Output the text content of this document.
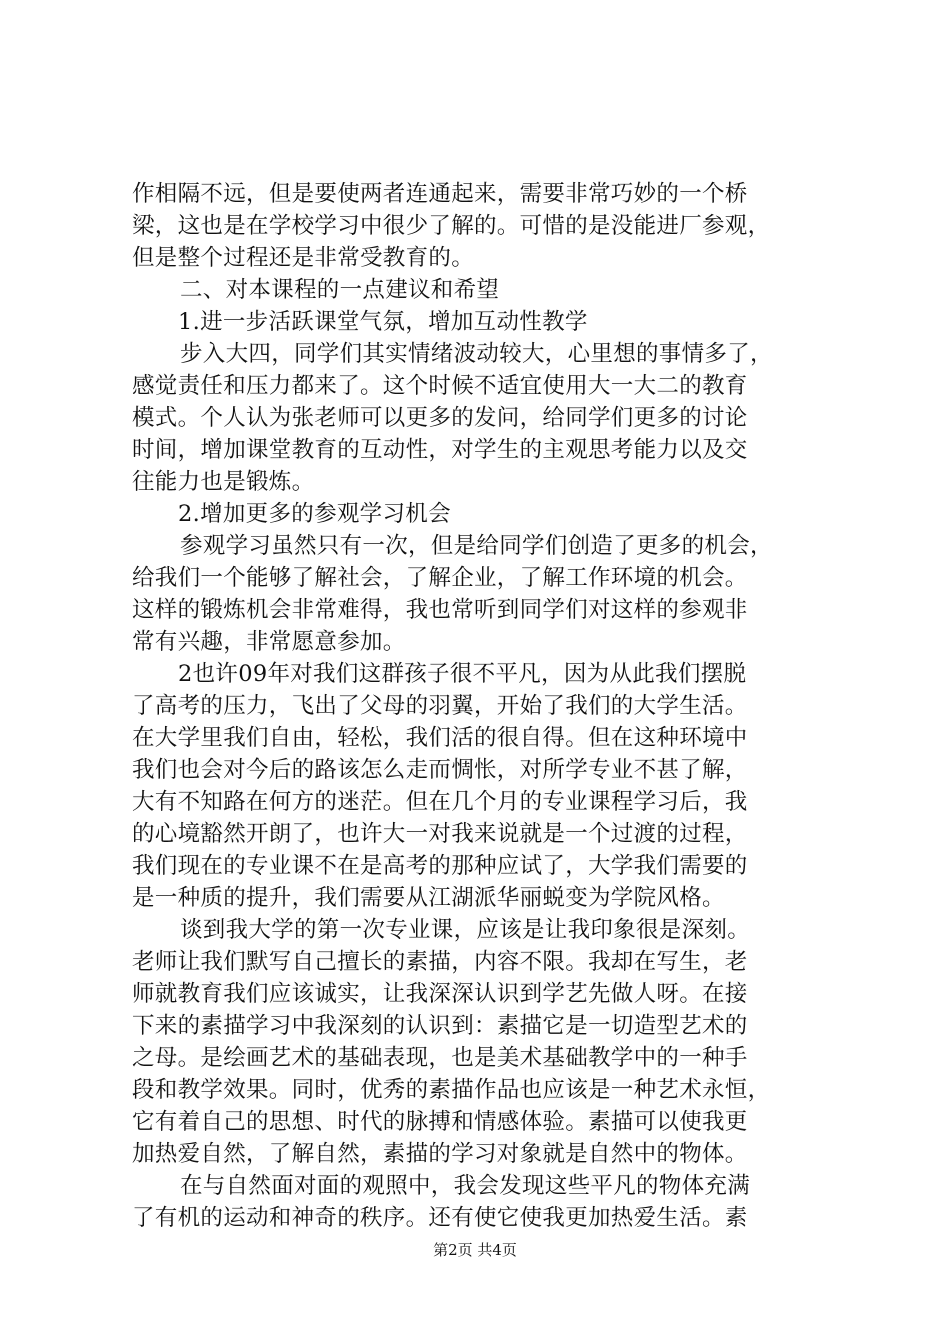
作相隔不远，但是要使两者连通起来，需要非常巧妙的一个桥
梁，这也是在学校学习中很少了解的。可惜的是没能进厂参观，
但是整个过程还是非常受教育的。
二、对本课程的一点建议和希望
1.进一步活跃课堂气氛，增加互动性教学
步入大四，同学们其实情绪波动较大，心里想的事情多了，
感觉责任和压力都来了。这个时候不适宜使用大一大二的教育
模式。个人认为张老师可以更多的发问，给同学们更多的讨论
时间，增加课堂教育的互动性，对学生的主观思考能力以及交
往能力也是锻炼。
2.增加更多的参观学习机会
参观学习虽然只有一次，但是给同学们创造了更多的机会，
给我们一个能够了解社会，了解企业，了解工作环境的机会。
这样的锻炼机会非常难得，我也常听到同学们对这样的参观非
常有兴趣，非常愿意参加。
2也许09年对我们这群孩子很不平凡，因为从此我们摆脱
了高考的压力，飞出了父母的羽翼，开始了我们的大学生活。
在大学里我们自由，轻松，我们活的很自得。但在这种环境中
我们也会对今后的路该怎么走而惆怅，对所学专业不甚了解，
大有不知路在何方的迷茫。但在几个月的专业课程学习后，我
的心境豁然开朗了，也许大一对我来说就是一个过渡的过程，
我们现在的专业课不在是高考的那种应试了，大学我们需要的
是一种质的提升，我们需要从江湖派华丽蜕变为学院风格。
谈到我大学的第一次专业课，应该是让我印象很是深刻。
老师让我们默写自己擅长的素描，内容不限。我却在写生，老
师就教育我们应该诚实，让我深深认识到学艺先做人呀。在接
下来的素描学习中我深刻的认识到：素描它是一切造型艺术的
之母。是绘画艺术的基础表现，也是美术基础教学中的一种手
段和教学效果。同时，优秀的素描作品也应该是一种艺术永恒，
它有着自己的思想、时代的脉搏和情感体验。素描可以使我更
加热爱自然，了解自然，素描的学习对象就是自然中的物体。
在与自然面对面的观照中，我会发现这些平凡的物体充满
了有机的运动和神奇的秩序。还有使它使我更加热爱生活。素
第2页 共4页
